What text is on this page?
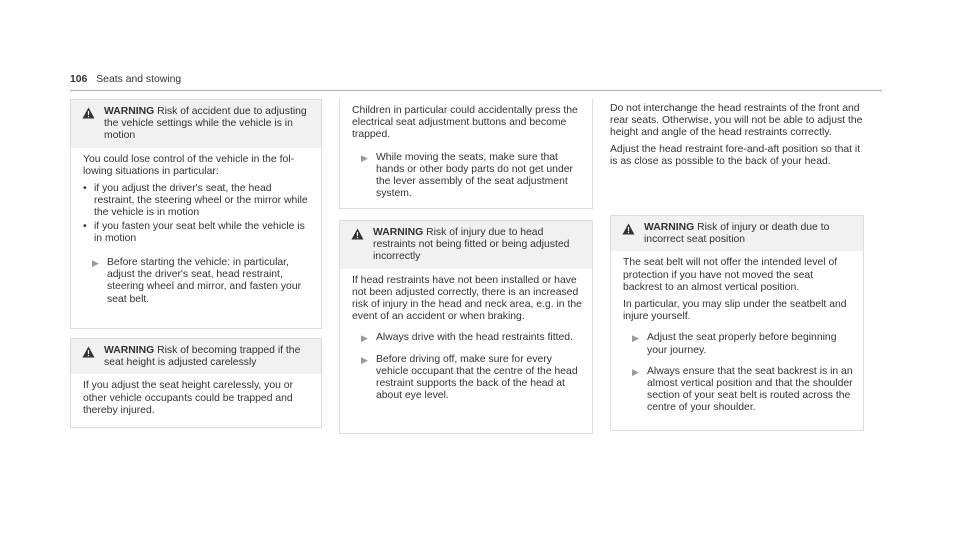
106 Seats and stowing
WARNING Risk of accident due to adjusting the vehicle settings while the vehicle is in motion

You could lose control of the vehicle in the following situations in particular:

• if you adjust the driver's seat, the head restraint, the steering wheel or the mirror while the vehicle is in motion
• if you fasten your seat belt while the vehicle is in motion
▶ Before starting the vehicle: in particular, adjust the driver's seat, head restraint, steering wheel and mirror, and fasten your seat belt.
WARNING Risk of becoming trapped if the seat height is adjusted carelessly

If you adjust the seat height carelessly, you or other vehicle occupants could be trapped and thereby injured.

Children in particular could accidentally press the electrical seat adjustment buttons and become trapped.

▶ While moving the seats, make sure that hands or other body parts do not get under the lever assembly of the seat adjustment system.
WARNING Risk of injury due to head restraints not being fitted or being adjusted incorrectly

If head restraints have not been installed or have not been adjusted correctly, there is an increased risk of injury in the head and neck area, e.g. in the event of an accident or when braking.

▶ Always drive with the head restraints fitted.
▶ Before driving off, make sure for every vehicle occupant that the centre of the head restraint supports the back of the head at about eye level.

Do not interchange the head restraints of the front and rear seats. Otherwise, you will not be able to adjust the height and angle of the head restraints correctly.

Adjust the head restraint fore-and-aft position so that it is as close as possible to the back of your head.

WARNING Risk of injury or death due to incorrect seat position

The seat belt will not offer the intended level of protection if you have not moved the seat backrest to an almost vertical position.

In particular, you may slip under the seatbelt and injure yourself.

▶ Adjust the seat properly before beginning your journey.
▶ Always ensure that the seat backrest is in an almost vertical position and that the shoulder section of your seat belt is routed across the centre of your shoulder.
